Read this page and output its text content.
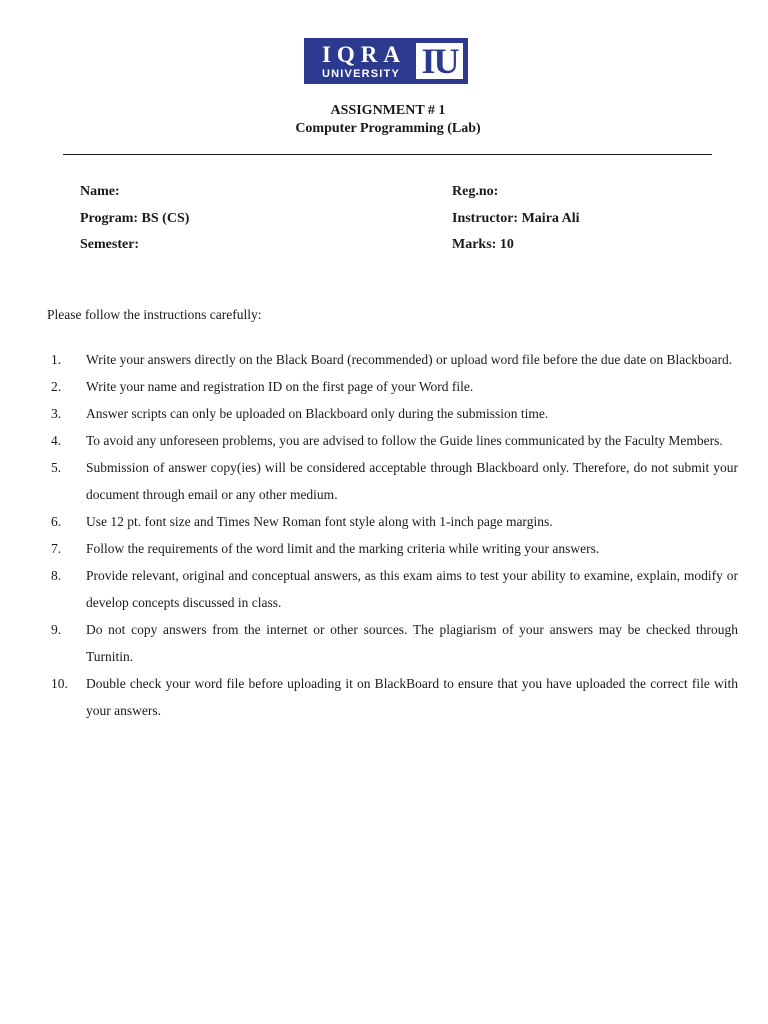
IQRA
UNIVERSITY IU
ASSIGNMENT # 1
Computer Programming (Lab)
Name:	Reg.no:
Program: BS (CS)	Instructor: Maira Ali
Semester:	Marks: 10
Please follow the instructions carefully:
1. Write your answers directly on the Black Board (recommended) or upload word file before the due date on Blackboard.
2. Write your name and registration ID on the first page of your Word file.
3. Answer scripts can only be uploaded on Blackboard only during the submission time.
4. To avoid any unforeseen problems, you are advised to follow the Guide lines communicated by the Faculty Members.
5. Submission of answer copy(ies) will be considered acceptable through Blackboard only. Therefore, do not submit your document through email or any other medium.
6. Use 12 pt. font size and Times New Roman font style along with 1-inch page margins.
7. Follow the requirements of the word limit and the marking criteria while writing your answers.
8. Provide relevant, original and conceptual answers, as this exam aims to test your ability to examine, explain, modify or develop concepts discussed in class.
9. Do not copy answers from the internet or other sources. The plagiarism of your answers may be checked through Turnitin.
10. Double check your word file before uploading it on BlackBoard to ensure that you have uploaded the correct file with your answers.
